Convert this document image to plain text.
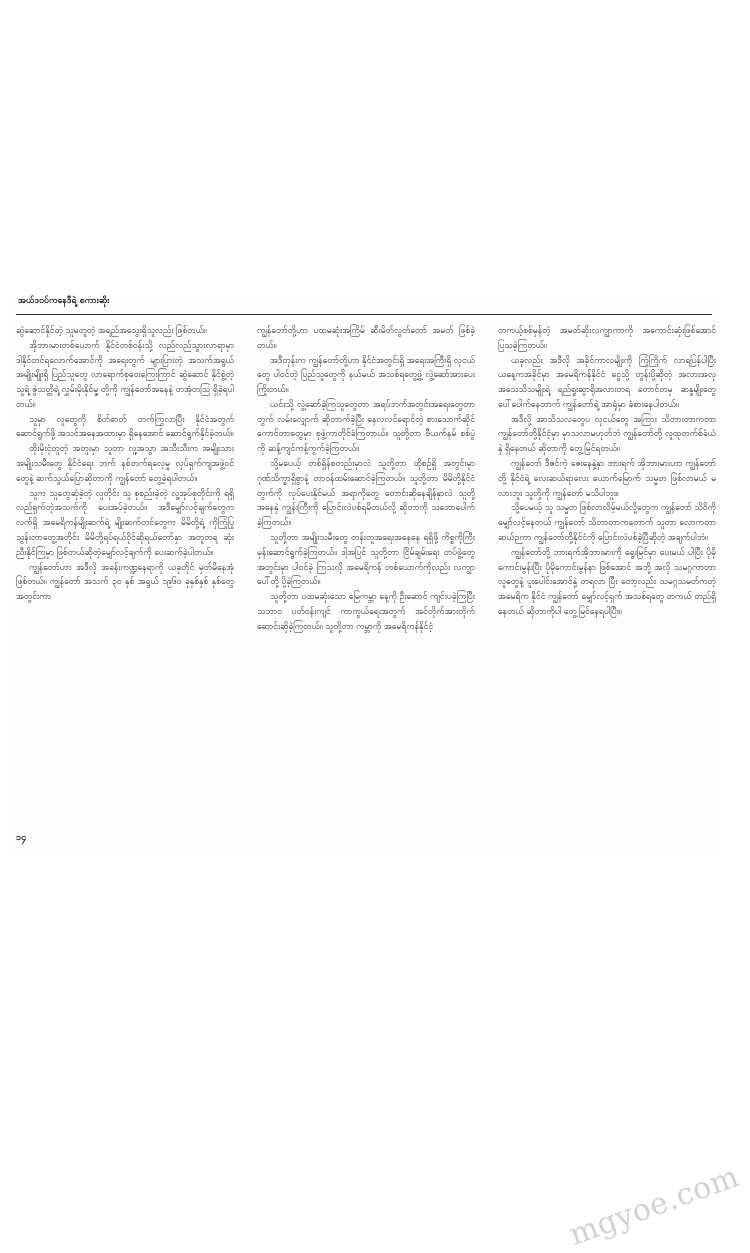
အယ်ဒဝပ်ကနေဒီရဲ့ စကားဆိုး

ဆွဲဆောင်နိုင်တဲ့ သူမတူတဲ့ အရည်အသွေးရှိသူလည်း ဖြစ်တယ်။

အိုဘားမားတစ်ယောက် နိုင်ငံတစ်ဝန်းသို့ လည်လည်သွားလာရာမှာ ဒါနိုင်တင်ရလောက်အောင်ကို အရေးတွက် များပြားတဲ့ အသက်အရွယ် အမျိုးမျိုးရှိ ပြည်သူတွေ လာရောက်စုဝေးကြေးကြာင် ဆွဲဆောင် နိုင်စွဲ့တဲ့ သူရဲ့ ဇွဲသတ္တိရဲ့ လွှမ်းမိုးနိုင်မှု့ တို့ကို ကျွန်တော်အနေနဲ့ တအံ့တသြ ရှိခဲ့ရပါတယ်။

သူမှာ လူတွေကို စိတ်ဓာတ် တက်ကြွလာပြီး နိုင်ငံအတွက် ဆောင်ရွက်ဖို့ အသင်အနေအထားမှာ ရှိနေအောင် ဆောင်ရွက်နိုင်ခဲ့တယ်။

ထိုးမိုးငုံတူတဲ့ အတူးမှာ သူတာ လူ့အသွာ အသီးသီးက အမျိုးသား အမျိုးသမီးတွေ နိုင်ငံရေး ဘက် နစ်တက်ရလေ့မှု လုပ်ရှက်ကျအဖွဲ့ဝင်တွေနဲ့ ဆက်သွယ်ပြောဆိုတာကို ကျွန်တော် တွေ့ခဲ့ရပါတယ်။

သူက သူတွေဆုံခဲ့တဲ့ လူတိုင်း သူ စုစည်းခဲ့တဲ့ လူ့အုပ်စုတိုင်းကို ရရှိလည်ရှက်တဲ့အသက်ကို ပေးအပ်ခဲ့တယ်။ အဒီမျှော်လင့်ချက်တွေက လက်ရှိ အမေရိကန်မျိုးဆက်ရဲ့ မျိုးဆက်တင်တွေက မိမိတို့ရဲ့ ကိုကြုံပြုသွန်းတာတွေ့အတိုင်း မိမိတို့ရပ်ရယ်ဝိုင်ဆိုရယ်တော်နှာ အတူတရ ဆုံးညီးနိုင်ကြမှာ ဖြစ်တယ်ဆိုတဲ့မျှော်လင့်ချက်ကို ပေးဆက်ခဲ့ပါတယ်။

ကျွန်တော်ဟာ အဒီလို အခန်းကဏ္ဍနေရာကို ယခုတိုင် မှတ်မိနေအုံ ဖြစ်တယ်။ ကျွန်တော် အသက် ၃၀ နှစ် အရွယ် ၁၉၆၀ ခုနှစ်နှစ် နှစ်တွေအတွင်းကာ

ကျွန်တော်တို့ဟာ ပထမဆုံးအကြိမ် ဆီးမိတ်လွတ်တော် အမတ် ဖြစ်ခဲ့တယ်။

အဒီတုန်းက ကျွန်တော်တို့ဟာ နိုင်ငံအတွင်းရှိ အရေးအကြီးရှိ လုငယ်တွေ ပါဝင်တဲ့ ပြည်သူတွေကို နယ်မယ် အသစ်ရတွေ့ဖွဲ့ လွဲ့ဆော်အားပေးကြိုးတယ်။

ယင်းသို့ လွဲ့ဆော်ခဲ့ကြသူတွေတာ အရပ်ဘက်အတွင်းအရေးတွေတာတွက် လမ်းလျှောက် ဆိုတာက်ခဲ့ပြီး နေလလင်ရောင်တဲ့ စားသောက်ဆိုင် ကောင်တာတွေမှာ စုဖွဲ့ကာတိုင်ခံကြတာယ်။ သူတို့တာ ဗီယက်နမ် စစ်ပွဲကို ဆန့်ကျင်ကန့်ကွက်ခဲ့ကြတယ်။

သို့မပေယ့် တစ်ရှိန်စတည်းမှာလဲ သူတို့တာ ထိုစဉ်ရှိ အတွင်းမှာ ဂုဏ်သိက္ခာရှိစွာနဲ့ တာဝန်ထမ်းဆောင်ခဲ့ကြတယ်။ သူတို့တာ မိမိတို့နိုင်ငံတွက်ကို လုပ်ပေးနိုင်မယ် အရာကိုတွေ တောင်းဆိုနေချိန်နှာလဲ သူတို့ အနေနှဲ ကျွန်းကြီးကို ပြောင်းလဲပစ်ရမိတယ်လို့ ဆိုတာကို သဘောပေါက်ခဲ့ကြတယ်။

သူတို့တာ အမျိုးသမီးတွေ တန်းတူအရေးအနေနေ ရရှိဖို့ ကိစ္စကိုကြီးမှန်းဆောင်ရွက်ခဲ့ကြတယ်။ ဒါ့အပြင် သူတို့တာ ငြိမ်ချမ်းရေး တပ်ဖွဲ့တွေ အတွင်းမှာ ပါဝင်ခဲ့ ကြသလို အမေရိကန် တစ်ယောက်ကိုလည်း လကျွာ ပေါ်တို့ ပို့ခဲ့ကြတယ်။

သူတို့တာ ပထမဆုံးသော မြေကမ္ဘာ နေ့ကို ဦးဆောင် ကျင်းပခဲ့ကြပြီး သဘာဝ ပတ်ဝန်းကျင် ကာကွယ်ရေးအတွက် အင်တိုက်အားတိုက် ဆောင်းဆိုခဲ့ကြတယ်။ သူတို့တာ ကမ္ဘာကို အမေရိကန်နိုင်ငံ့

တကယ့်စစ်မှန်တဲ့ အမတ်ဆိုးလကျွာကာကို အကောင်းဆုံးဖြစ်အောင် ပြသခဲ့ကြတယ်။

ယခုလည်း အဒီလို အခိုင်ကာလမျိုးကို ကြုံကြိုက် လာရပြန်ပါပြီး ယနေ့ကအခိုင်မှာ အမေရိကန်နိုင်ငံ ငွေသို့ တွန်းပို့ဆိုတဲ့ အလားအလု အသေသိသမျိုးရဲ့ ရည်ရှုးဆွာရိုအလားတရ တောင်တမှ ဆန္ဒမျိုးတွေ ပေါ်ပေါက်နေတာက် ကျွန်တော်ရဲ့ အာရုံမှာ ခံစားနေပါတယ်။

အဒီလို့ အာသိသလတွေပ လုငယ်တွေ အကြား သိတားတာကတာ ကျွန်တော်တို့နိုင်ငံ့မှာ မှာသလာမဟုတ်ဘဲ ကျွန်တော်တို့ လူထုတက်စ်ခံယံနှဲ ရှိနေတယ် ဆိုတာကို တွေ့မြင်ရတယ်။

ကျွန်တော် ဒီဇင်ကဲ့ ဇေးနေနှဲ့နှာ ဘားရက် အိုဘားမားဟာ ကျွန်တော်တို့ နိုင်ငံရဲ့ လေးဆယ်ရာလေး ယောက်မြောက် သမ္မတ ဖြစ်လာမယ် မလားဘူး သူတို့ကို ကျွန်တော် မသိပါဘူး။

သို့ပေမယ့် သူ သမ္မတ ဖြစ်လာလိမ့်မယ်လို့တွေက ကျွန်တော် သိဝိကို မျှော်လင့်နေတယ် ကျွန်တော် သိတာတာကတောက် သူတာ လောကတာဆယ်ဉကာ ကျွန်တော်တို့နိုင်ငံကို ပြောင်းလဲပစ်ခဲ့ပြီဆိုတဲ့ အချက်ပါဘဲ။

ကျွန်တော်တို့ ဘားရက်အိုဘားမားကို ရွေးမြင်မှာ ပေးမယ် ပါပြီး ပိုမိုကောင်းမွန်းပြီး ပိုမိုကောင်းမွန်နာ ဖြစ်အောင် အဘို့ အလို သမဂ္ဂကာတာ လူတွေနဲ့ ပူးပေါင်းအောင်နှဲ့ တရလာ ပြီး တော့လည်း သမဂ္ဂသမတ်ကတဲ့ အမေရိက နိုင်ငံ ကျွန်တော် မျှော်လင့်ရှက် အသစ်ရတွေ တကယ် တည်ရှိနေတယ် ဆိုတာကိုပါ တွေ့မြင်နေရပါပြီး။

၁၄
mgyoe.com
